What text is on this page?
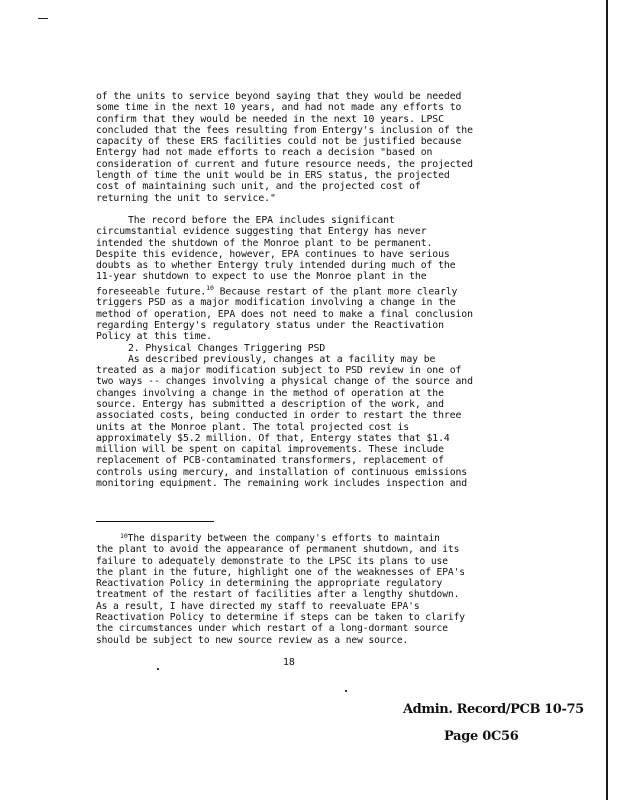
of the units to service beyond saying that they would be needed
some time in the next 10 years, and had not made any efforts to
confirm that they would be needed in the next 10 years. LPSC
concluded that the fees resulting from Entergy's inclusion of the
capacity of these ERS facilities could not be justified because
Entergy had not made efforts to reach a decision "based on
consideration of current and future resource needs, the projected
length of time the unit would be in ERS status, the projected
cost of maintaining such unit, and the projected cost of
returning the unit to service."

The record before the EPA includes significant
circumstantial evidence suggesting that Entergy has never
intended the shutdown of the Monroe plant to be permanent.
Despite this evidence, however, EPA continues to have serious
doubts as to whether Entergy truly intended during much of the
11-year shutdown to expect to use the Monroe plant in the
foreseeable future.$^{10}$ Because restart of the plant more clearly
triggers PSD as a major modification involving a change in the
method of operation, EPA does not need to make a final conclusion
regarding Entergy's regulatory status under the Reactivation
Policy at this time.

2. Physical Changes Triggering PSD

As described previously, changes at a facility may be
treated as a major modification subject to PSD review in one of
two ways -- changes involving a physical change of the source and
changes involving a change in the method of operation at the
source. Entergy has submitted a description of the work, and
associated costs, being conducted in order to restart the three
units at the Monroe plant. The total projected cost is
approximately $5.2 million. Of that, Entergy states that $1.4
million will be spent on capital improvements. These include
replacement of PCB-contaminated transformers, replacement of
controls using mercury, and installation of continuous emissions
monitoring equipment. The remaining work includes inspection and

$^{10}$The disparity between the company's efforts to maintain
the plant to avoid the appearance of permanent shutdown, and its
failure to adequately demonstrate to the LPSC its plans to use
the plant in the future, highlight one of the weaknesses of EPA's
Reactivation Policy in determining the appropriate regulatory
treatment of the restart of facilities after a lengthy shutdown.
As a result, I have directed my staff to reevaluate EPA's
Reactivation Policy to determine if steps can be taken to clarify
the circumstances under which restart of a long-dormant source
should be subject to new source review as a new source.
18
Admin. Record/PCB 10-75
Page 0C56
